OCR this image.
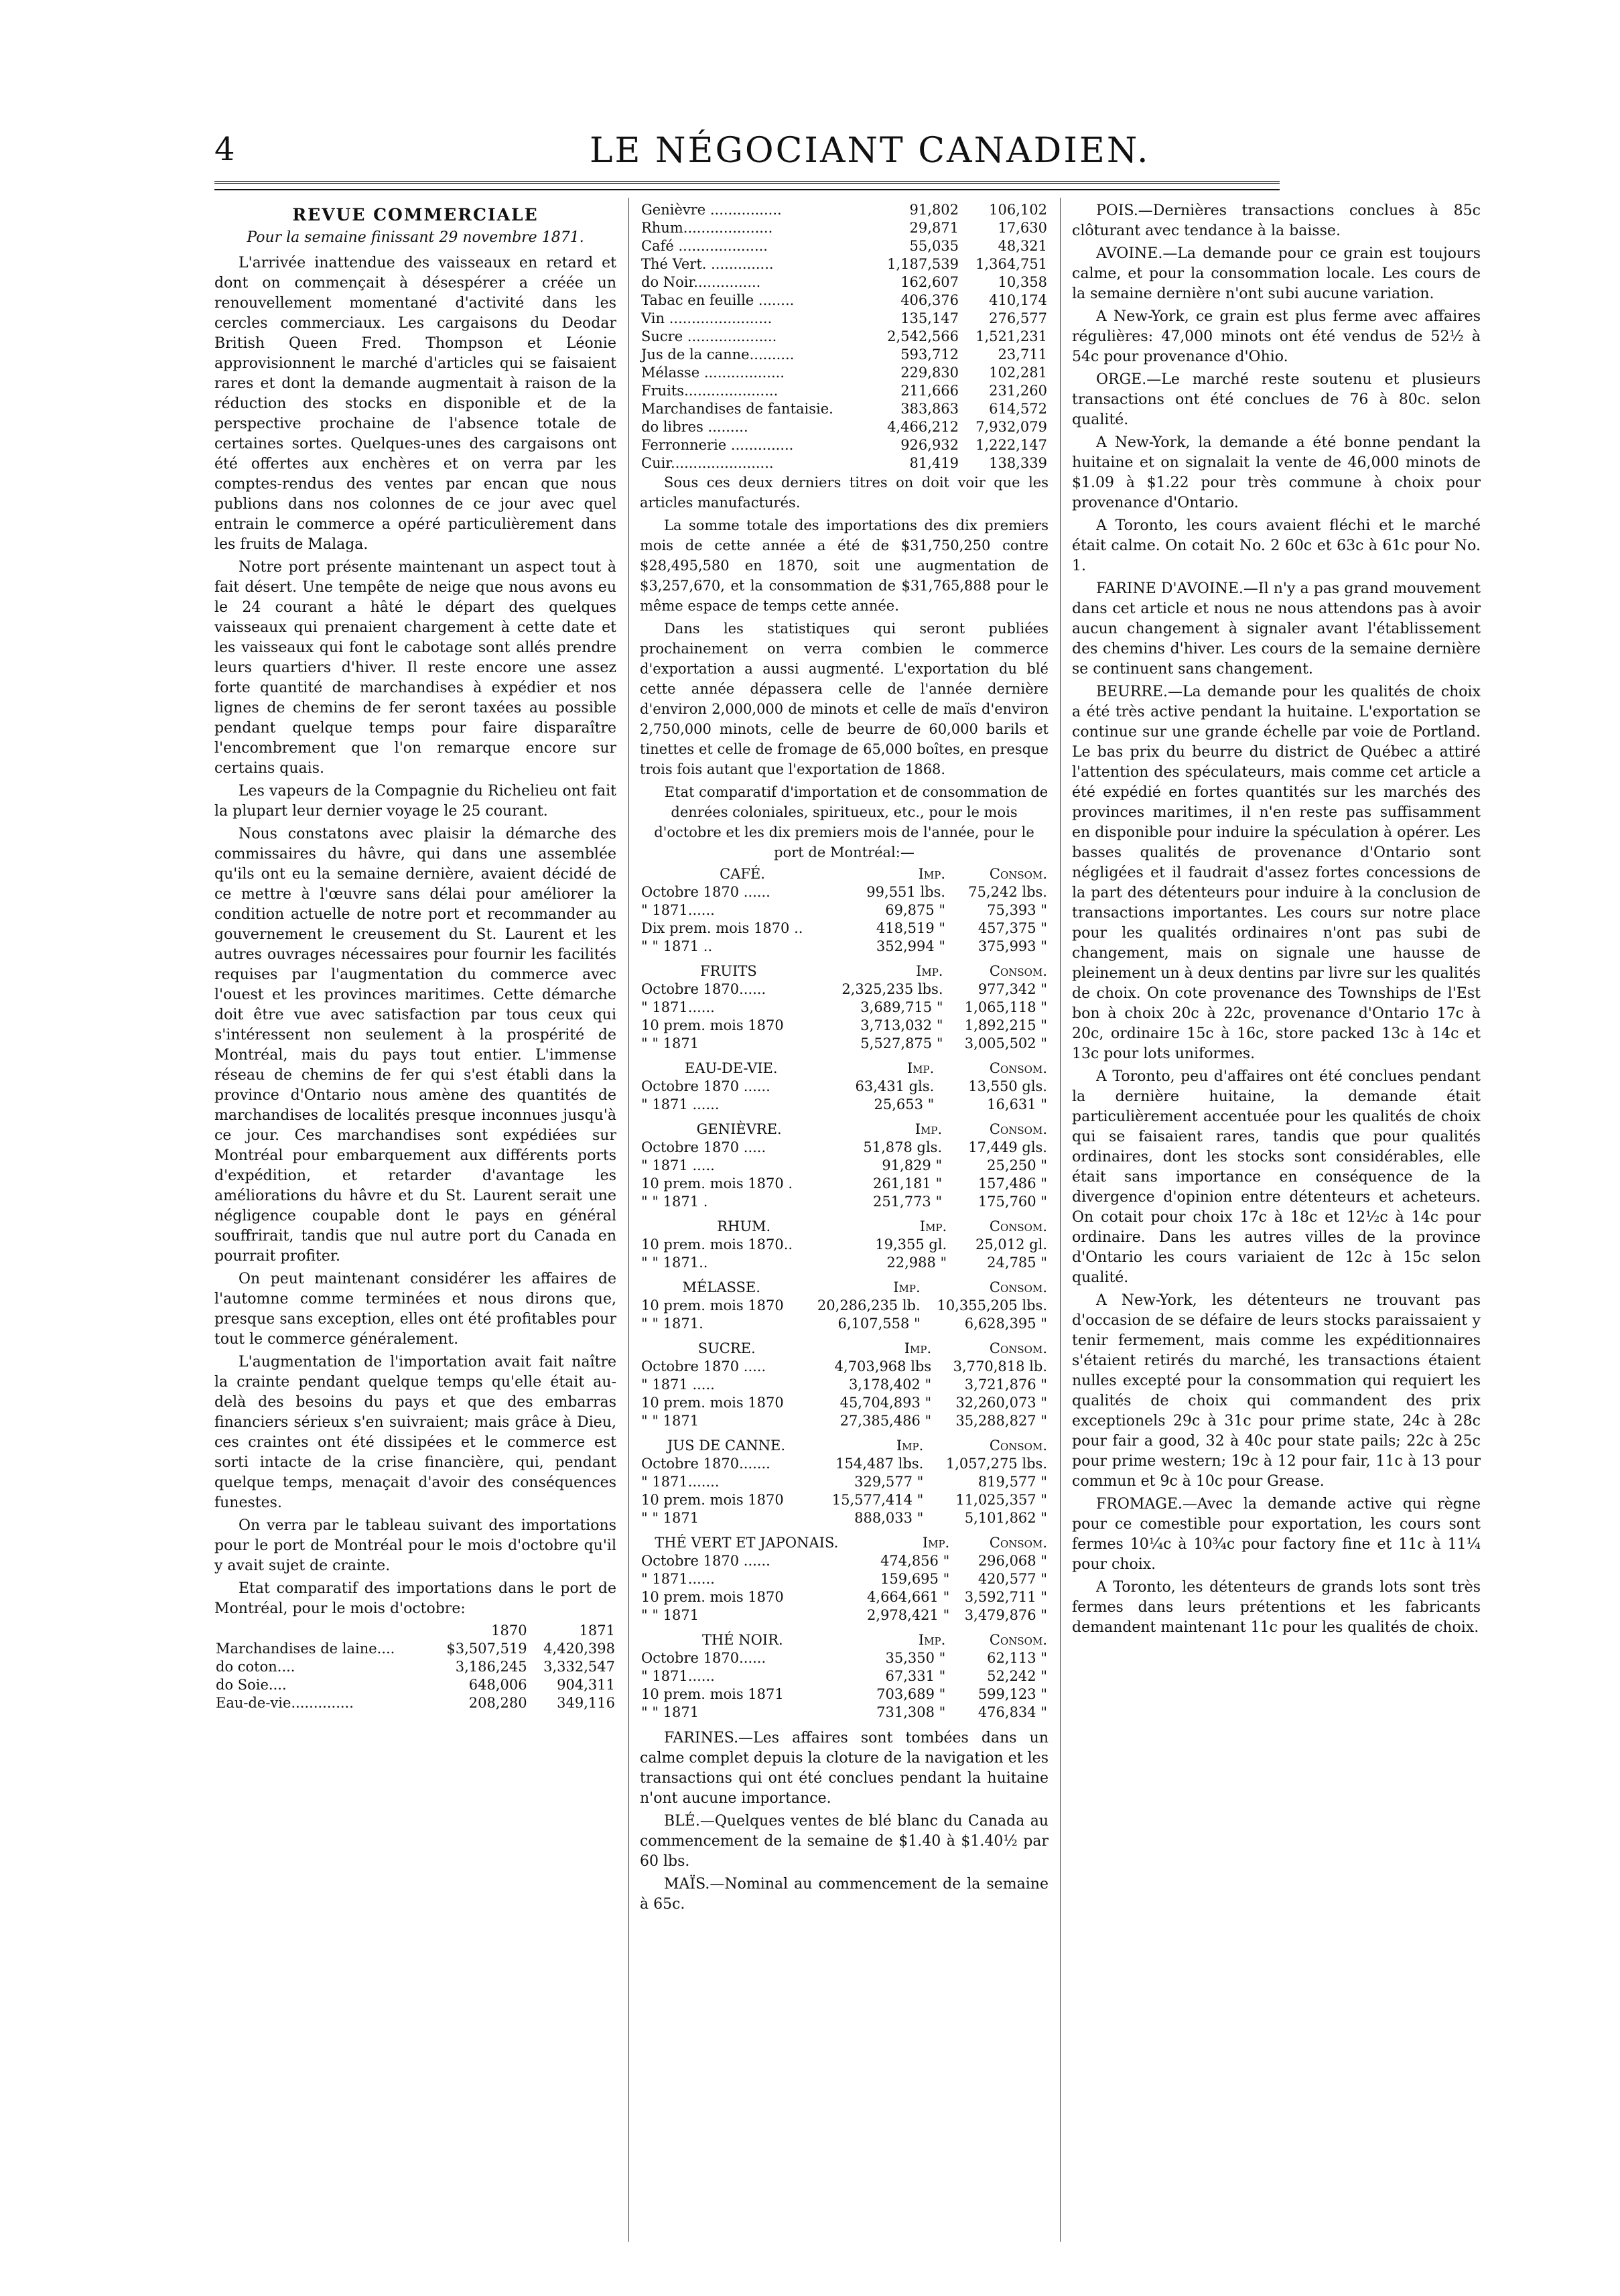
4	LE NÉGOCIANT CANADIEN.
REVUE COMMERCIALE
Pour la semaine finissant 29 novembre 1871.

L'arrivée inattendue des vaisseaux en retard et dont on commençait à désespérer a créée un renouvellement momentané d'activité dans les cercles commerciaux. Les cargaisons du Deodar British Queen Fred. Thompson et Léonie approvisionnent le marché d'articles qui se faisaient rares et dont la demande augmentait à raison de la réduction des stocks en disponible et de la perspective prochaine de l'absence totale de certaines sortes. Quelques-unes des cargaisons ont été offertes aux enchères et on verra par les comptes-rendus des ventes par encan que nous publions dans nos colonnes de ce jour avec quel entrain le commerce a opéré particulièrement dans les fruits de Malaga.

Notre port présente maintenant un aspect tout à fait désert. Une tempête de neige que nous avons eu le 24 courant a hâté le départ des quelques vaisseaux qui prenaient chargement à cette date et les vaisseaux qui font le cabotage sont allés prendre leurs quartiers d'hiver. Il reste encore une assez forte quantité de marchandises à expédier et nos lignes de chemins de fer seront taxées au possible pendant quelque temps pour faire disparaître l'encombrement que l'on remarque encore sur certains quais.

Les vapeurs de la Compagnie du Richelieu ont fait la plupart leur dernier voyage le 25 courant.

Nous constatons avec plaisir la démarche des commissaires du hâvre, qui dans une assemblée qu'ils ont eu la semaine dernière, avaient décidé de ce mettre à l'œuvre sans délai pour améliorer la condition actuelle de notre port et recommander au gouvernement le creusement du St. Laurent et les autres ouvrages nécessaires pour fournir les facilités requises par l'augmentation du commerce avec l'ouest et les provinces maritimes. Cette démarche doit être vue avec satisfaction par tous ceux qui s'intéressent non seulement à la prospérité de Montréal, mais du pays tout entier. L'immense réseau de chemins de fer qui s'est établi dans la province d'Ontario nous amène des quantités de marchandises de localités presque inconnues jusqu'à ce jour. Ces marchandises sont expédiées sur Montréal pour embarquement aux différents ports d'expédition, et retarder d'avantage les améliorations du hâvre et du St. Laurent serait une négligence coupable dont le pays en général souffrirait, tandis que nul autre port du Canada en pourrait profiter.

On peut maintenant considérer les affaires de l'automne comme terminées et nous dirons que, presque sans exception, elles ont été profitables pour tout le commerce généralement.

L'augmentation de l'importation avait fait naître la crainte pendant quelque temps qu'elle était au-delà des besoins du pays et que des embarras financiers sérieux s'en suivraient; mais grâce à Dieu, ces craintes ont été dissipées et le commerce est sorti intacte de la crise financière, qui, pendant quelque temps, menaçait d'avoir des conséquences funestes.

On verra par le tableau suivant des importations pour le port de Montréal pour le mois d'octobre qu'il y avait sujet de crainte.

Etat comparatif des importations dans le port de Montréal, pour le mois d'octobre:

	1870	1871
Marchandises de laine....	$3,507,519	4,420,398
do coton....	3,186,245	3,332,547
do Soie....	648,006	904,311
Eau-de-vie..............	208,280	349,116
Genièvre ................	91,802	106,102
Rhum....................	29,871	17,630
Café ....................	55,035	48,321
Thé Vert. ..............	1,187,539	1,364,751
do Noir...............	162,607	10,358
Tabac en feuille ........	406,376	410,174
Vin .......................	135,147	276,577
Sucre ....................	2,542,566	1,521,231
Jus de la canne..........	593,712	23,711
Mélasse ..................	229,830	102,281
Fruits.....................	211,666	231,260
Marchandises de fantaisie.	383,863	614,572
do libres .........	4,466,212	7,932,079
Ferronnerie ..............	926,932	1,222,147
Cuir.......................	81,419	138,339

Sous ces deux derniers titres on doit voir que les articles manufacturés.

La somme totale des importations des dix premiers mois de cette année a été de $31,750,250 contre $28,495,580 en 1870, soit une augmentation de $3,257,670, et la consommation de $31,765,888 pour le même espace de temps cette année.

Dans les statistiques qui seront publiées prochainement on verra combien le commerce d'exportation a aussi augmenté. L'exportation du blé cette année dépassera celle de l'année dernière d'environ 2,000,000 de minots et celle de maïs d'environ 2,750,000 minots, celle de beurre de 60,000 barils et tinettes et celle de fromage de 65,000 boîtes, en presque trois fois autant que l'exportation de 1868.

Etat comparatif d'importation et de consommation de denrées coloniales, spiritueux, etc., pour le mois d'octobre et les dix premiers mois de l'année, pour le port de Montréal:—

CAFÉ.	Imp.	Consom.
Octobre 1870 ......	99,551 lbs.	75,242 lbs.
" 1871......	69,875 "	75,393 "
Dix prem. mois 1870 ..	418,519 "	457,375 "
" " 1871 ..	352,994 "	375,993 "
FRUITS	Imp.	Consom.
Octobre 1870......	2,325,235 lbs.	977,342 "
" 1871......	3,689,715 "	1,065,118 "
10 prem. mois 1870	3,713,032 "	1,892,215 "
" " 1871	5,527,875 "	3,005,502 "
EAU-DE-VIE.	Imp.	Consom.
Octobre 1870 ......	63,431 gls.	13,550 gls.
" 1871 ......	25,653 "	16,631 "
GENIÈVRE.	Imp.	Consom.
Octobre 1870 .....	51,878 gls.	17,449 gls.
" 1871 .....	91,829 "	25,250 "
10 prem. mois 1870 .	261,181 "	157,486 "
" " 1871 .	251,773 "	175,760 "
RHUM.	Imp.	Consom.
10 prem. mois 1870..	19,355 gl.	25,012 gl.
" " 1871..	22,988 "	24,785 "
MÉLASSE.	Imp.	Consom.
10 prem. mois 1870	20,286,235 lb.	10,355,205 lbs.
" " 1871.	6,107,558 "	6,628,395 "
SUCRE.	Imp.	Consom.
Octobre 1870 .....	4,703,968 lbs	3,770,818 lb.
" 1871 .....	3,178,402 "	3,721,876 "
10 prem. mois 1870	45,704,893 "	32,260,073 "
" " 1871	27,385,486 "	35,288,827 "
JUS DE CANNE.	Imp.	Consom.
Octobre 1870.......	154,487 lbs.	1,057,275 lbs.
" 1871.......	329,577 "	819,577 "
10 prem. mois 1870	15,577,414 "	11,025,357 "
" " 1871	888,033 "	5,101,862 "
THÉ VERT ET JAPONAIS.	Imp.	Consom.
Octobre 1870 ......	474,856 "	296,068 "
" 1871......	159,695 "	420,577 "
10 prem. mois 1870	4,664,661 "	3,592,711 "
" " 1871	2,978,421 "	3,479,876 "
THÉ NOIR.	Imp.	Consom.
Octobre 1870......	35,350 "	62,113 "
" 1871......	67,331 "	52,242 "
10 prem. mois 1871	703,689 "	599,123 "
" " 1871	731,308 "	476,834 "

FARINES.—Les affaires sont tombées dans un calme complet depuis la cloture de la navigation et les transactions qui ont été conclues pendant la huitaine n'ont aucune importance.

BLÉ.—Quelques ventes de blé blanc du Canada au commencement de la semaine de $1.40 à $1.40½ par 60 lbs.

MAÏS.—Nominal au commencement de la semaine à 65c.

POIS.—Dernières transactions conclues à 85c clôturant avec tendance à la baisse.

AVOINE.—La demande pour ce grain est toujours calme, et pour la consommation locale. Les cours de la semaine dernière n'ont subi aucune variation.

A New-York, ce grain est plus ferme avec affaires régulières: 47,000 minots ont été vendus de 52½ à 54c pour provenance d'Ohio.

ORGE.—Le marché reste soutenu et plusieurs transactions ont été conclues de 76 à 80c. selon qualité.

A New-York, la demande a été bonne pendant la huitaine et on signalait la vente de 46,000 minots de $1.09 à $1.22 pour très commune à choix pour provenance d'Ontario.

A Toronto, les cours avaient fléchi et le marché était calme. On cotait No. 2 60c et 63c à 61c pour No. 1.

FARINE D'AVOINE.—Il n'y a pas grand mouvement dans cet article et nous ne nous attendons pas à avoir aucun changement à signaler avant l'établissement des chemins d'hiver. Les cours de la semaine dernière se continuent sans changement.

BEURRE.—La demande pour les qualités de choix a été très active pendant la huitaine. L'exportation se continue sur une grande échelle par voie de Portland. Le bas prix du beurre du district de Québec a attiré l'attention des spéculateurs, mais comme cet article a été expédié en fortes quantités sur les marchés des provinces maritimes, il n'en reste pas suffisamment en disponible pour induire la spéculation à opérer. Les basses qualités de provenance d'Ontario sont négligées et il faudrait d'assez fortes concessions de la part des détenteurs pour induire à la conclusion de transactions importantes. Les cours sur notre place pour les qualités ordinaires n'ont pas subi de changement, mais on signale une hausse de pleinement un à deux dentins par livre sur les qualités de choix. On cote provenance des Townships de l'Est bon à choix 20c à 22c, provenance d'Ontario 17c à 20c, ordinaire 15c à 16c, store packed 13c à 14c et 13c pour lots uniformes.

A Toronto, peu d'affaires ont été conclues pendant la dernière huitaine, la demande était particulièrement accentuée pour les qualités de choix qui se faisaient rares, tandis que pour qualités ordinaires, dont les stocks sont considérables, elle était sans importance en conséquence de la divergence d'opinion entre détenteurs et acheteurs. On cotait pour choix 17c à 18c et 12½c à 14c pour ordinaire. Dans les autres villes de la province d'Ontario les cours variaient de 12c à 15c selon qualité.

A New-York, les détenteurs ne trouvant pas d'occasion de se défaire de leurs stocks paraissaient y tenir fermement, mais comme les expéditionnaires s'étaient retirés du marché, les transactions étaient nulles excepté pour la consommation qui requiert les qualités de choix qui commandent des prix exceptionels 29c à 31c pour prime state, 24c à 28c pour fair a good, 32 à 40c pour state pails; 22c à 25c pour prime western; 19c à 12 pour fair, 11c à 13 pour commun et 9c à 10c pour Grease.

FROMAGE.—Avec la demande active qui règne pour ce comestible pour exportation, les cours sont fermes 10¼c à 10¾c pour factory fine et 11c à 11¼ pour choix.

A Toronto, les détenteurs de grands lots sont très fermes dans leurs prétentions et les fabricants demandent maintenant 11c pour les qualités de choix.
